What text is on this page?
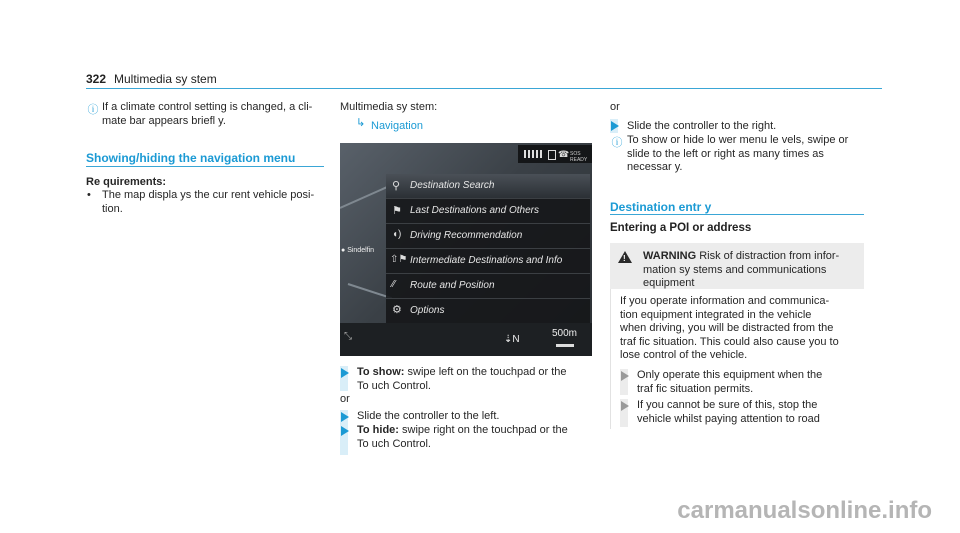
322 Multimedia sy stem
ⓘ If a climate control setting is changed, a cli-
mate bar appears briefl y.
Showing/hiding the navigation menu
Re quirements:
• The map displa ys the cur rent vehicle posi-
tion.
Multimedia sy stem:
↳ Navigation
● Sindelfin
☎ SOS READY
⚲ Destination Search
⚑ Last Destinations and Others
◖) Driving Recommendation
⇧⚑ Intermediate Destinations and Info
⁄⁄ Route and Position
⚙ Options
⤡	⇣N
500m
To show: swipe left on the touchpad or the
To uch Control.
or
Slide the controller to the left.
To hide: swipe right on the touchpad or the
To uch Control.
or
Slide the controller to the right.
ⓘ To show or hide lo wer menu le vels, swipe or
slide to the left or right as many times as
necessar y.
Destination entr y
Entering a POI or address
! WARNING Risk of distraction from infor-
mation sy stems and communications
equipment
If you operate information and communica-
tion equipment integrated in the vehicle
when driving, you will be distracted from the
traf fic situation. This could also cause you to
lose control of the vehicle.
Only operate this equipment when the
traf fic situation permits.
If you cannot be sure of this, stop the
vehicle whilst paying attention to road
carmanualsonline.info
